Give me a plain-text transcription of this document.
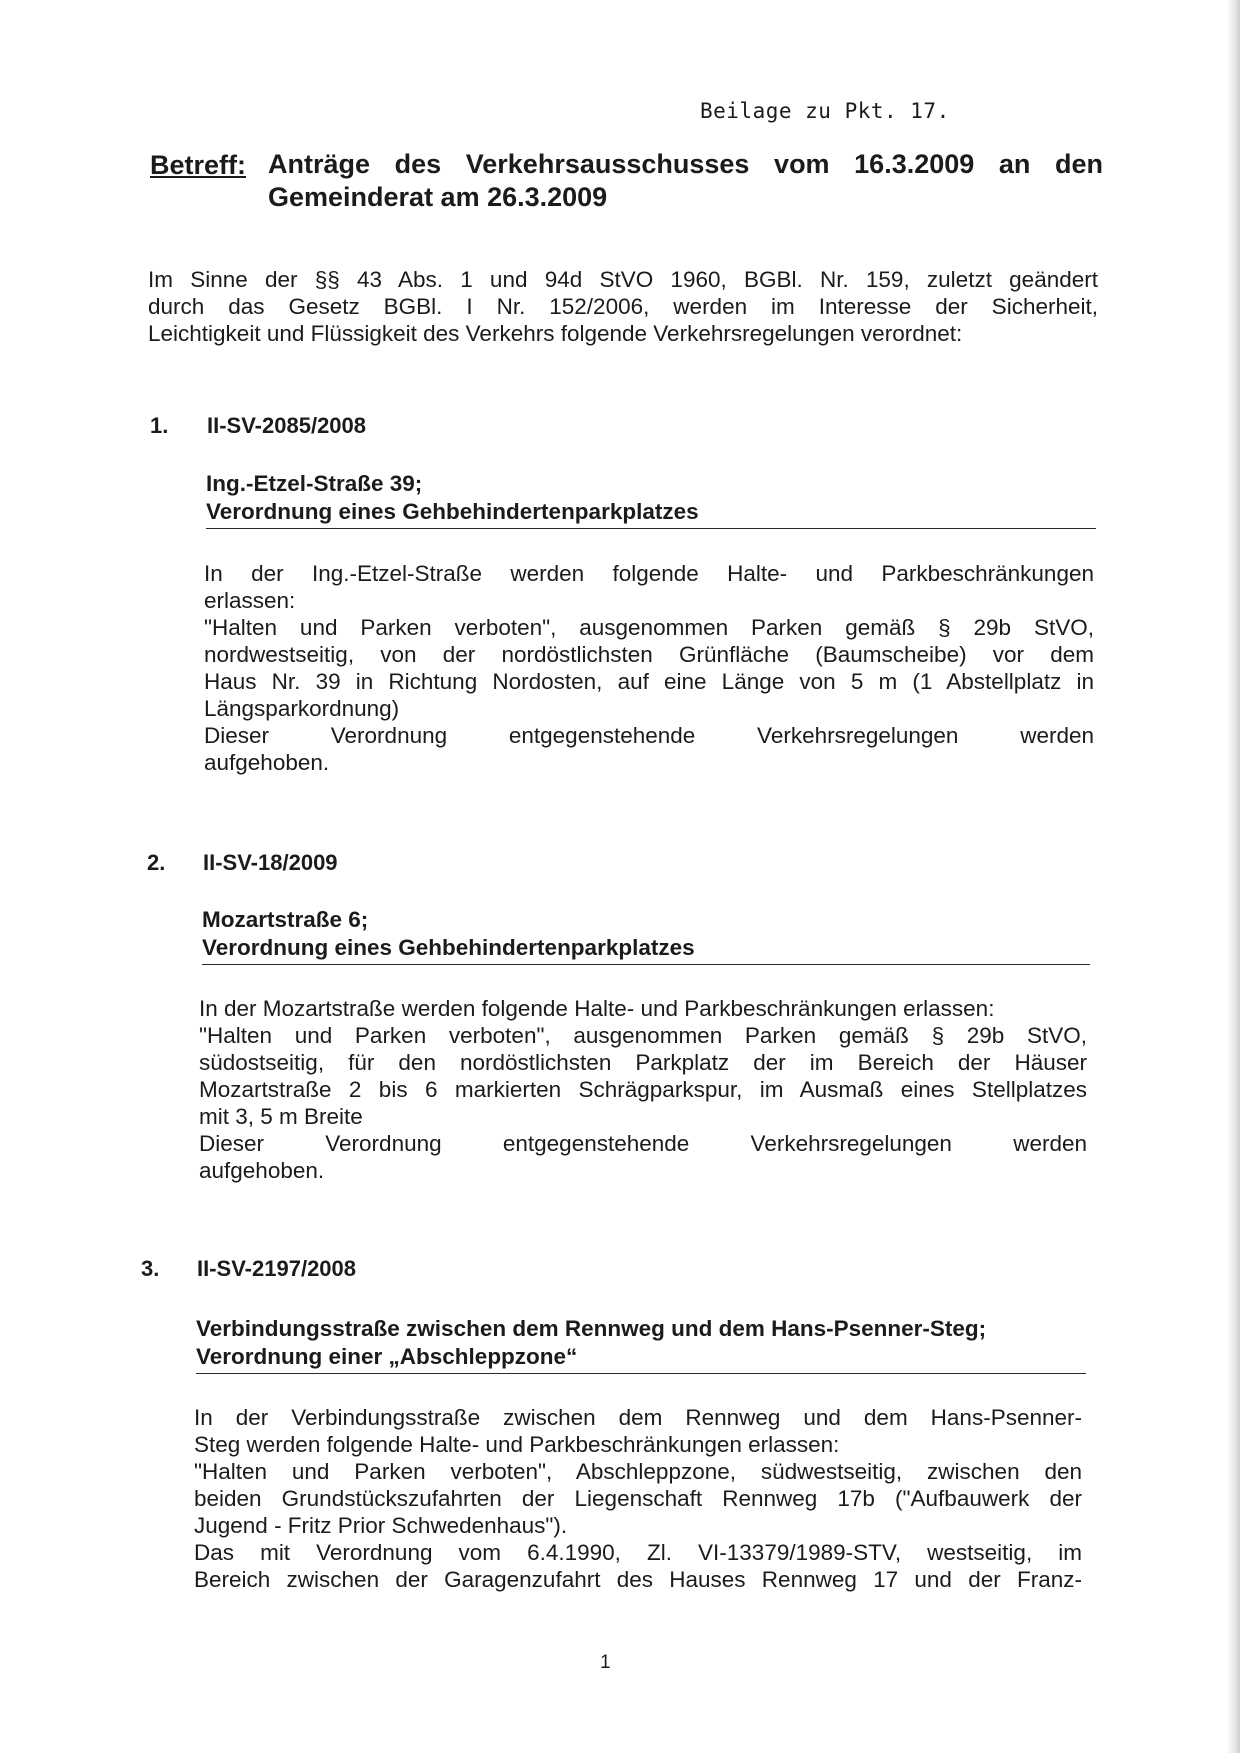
Beilage zu Pkt. 17.
Betreff: Anträge des Verkehrsausschusses vom 16.3.2009 an den
Gemeinderat am 26.3.2009
Im Sinne der §§ 43 Abs. 1 und 94d StVO 1960, BGBl. Nr. 159, zuletzt geändert
durch das Gesetz BGBl. I Nr. 152/2006, werden im Interesse der Sicherheit,
Leichtigkeit und Flüssigkeit des Verkehrs folgende Verkehrsregelungen verordnet:
1. II-SV-2085/2008
Ing.-Etzel-Straße 39;
Verordnung eines Gehbehindertenparkplatzes
In der Ing.-Etzel-Straße werden folgende Halte- und Parkbeschränkungen
erlassen:
"Halten und Parken verboten", ausgenommen Parken gemäß § 29b StVO,
nordwestseitig, von der nordöstlichsten Grünfläche (Baumscheibe) vor dem
Haus Nr. 39 in Richtung Nordosten, auf eine Länge von 5 m (1 Abstellplatz in
Längsparkordnung)
Dieser Verordnung entgegenstehende Verkehrsregelungen werden
aufgehoben.
2. II-SV-18/2009
Mozartstraße 6;
Verordnung eines Gehbehindertenparkplatzes
In der Mozartstraße werden folgende Halte- und Parkbeschränkungen erlassen:
"Halten und Parken verboten", ausgenommen Parken gemäß § 29b StVO,
südostseitig, für den nordöstlichsten Parkplatz der im Bereich der Häuser
Mozartstraße 2 bis 6 markierten Schrägparkspur, im Ausmaß eines Stellplatzes
mit 3, 5 m Breite
Dieser Verordnung entgegenstehende Verkehrsregelungen werden
aufgehoben.
3. II-SV-2197/2008
Verbindungsstraße zwischen dem Rennweg und dem Hans-Psenner-Steg;
Verordnung einer „Abschleppzone“
In der Verbindungsstraße zwischen dem Rennweg und dem Hans-Psenner-
Steg werden folgende Halte- und Parkbeschränkungen erlassen:
"Halten und Parken verboten", Abschleppzone, südwestseitig, zwischen den
beiden Grundstückszufahrten der Liegenschaft Rennweg 17b ("Aufbauwerk der
Jugend - Fritz Prior Schwedenhaus").
Das mit Verordnung vom 6.4.1990, Zl. VI-13379/1989-STV, westseitig, im
Bereich zwischen der Garagenzufahrt des Hauses Rennweg 17 und der Franz-
1
